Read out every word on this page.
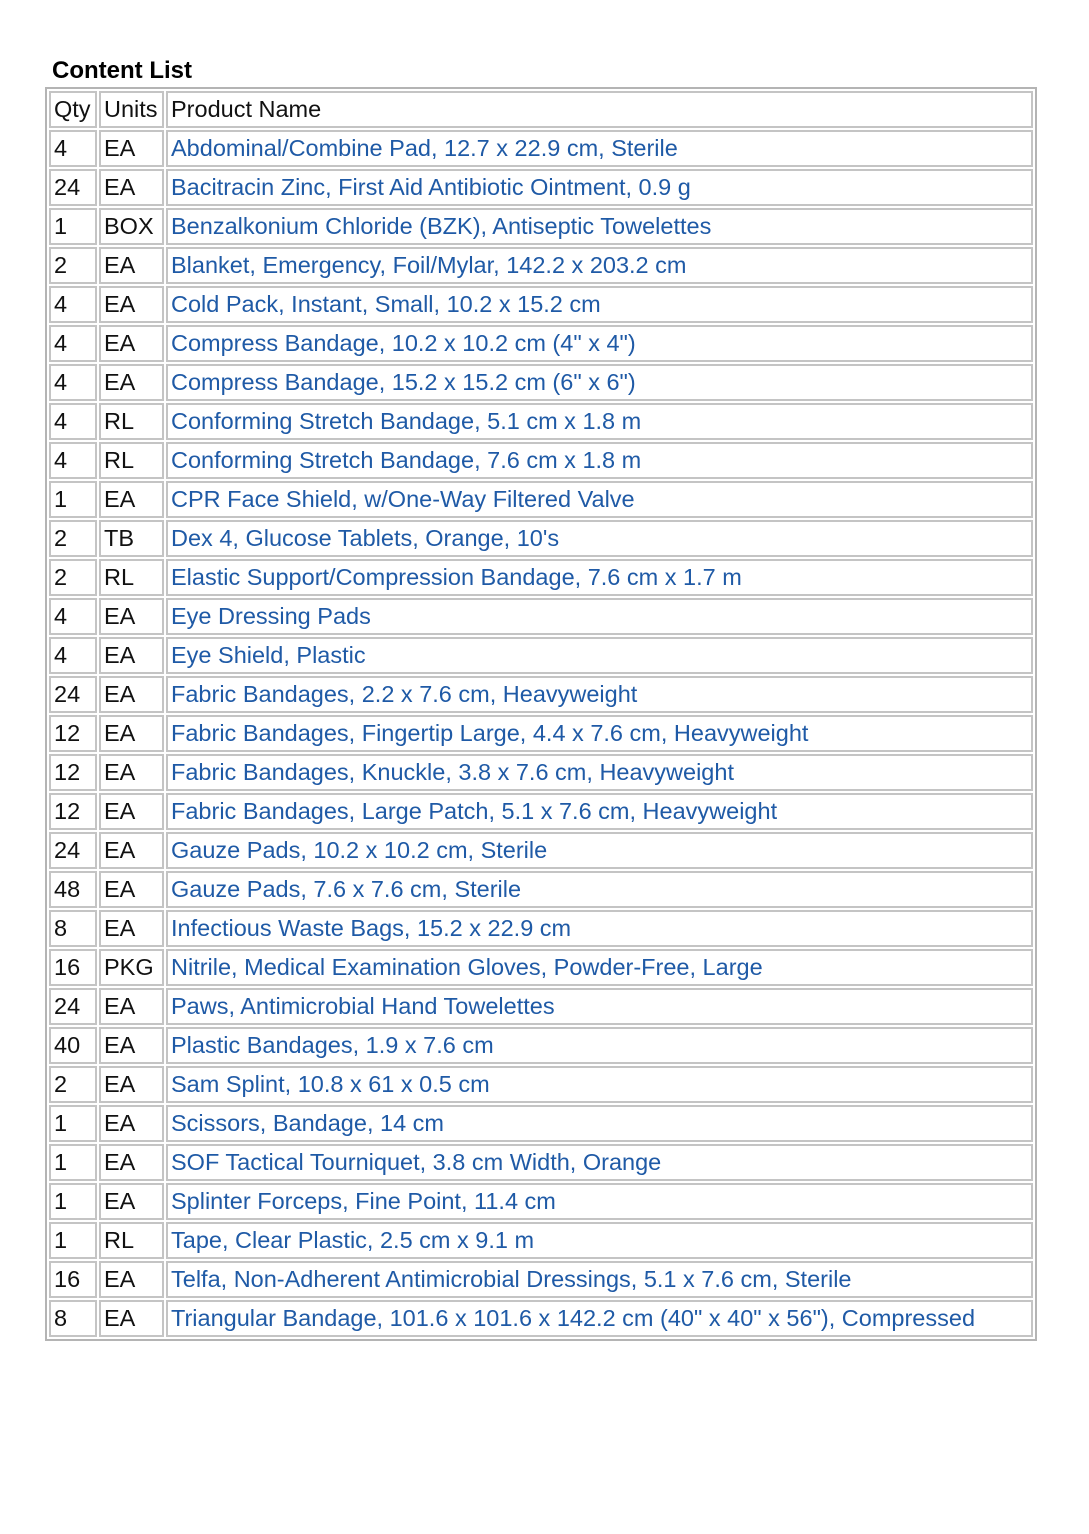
Content List
Qty	Units	Product Name
4	EA	Abdominal/Combine Pad, 12.7 x 22.9 cm, Sterile
24	EA	Bacitracin Zinc, First Aid Antibiotic Ointment, 0.9 g
1	BOX	Benzalkonium Chloride (BZK), Antiseptic Towelettes
2	EA	Blanket, Emergency, Foil/Mylar, 142.2 x 203.2 cm
4	EA	Cold Pack, Instant, Small, 10.2 x 15.2 cm
4	EA	Compress Bandage, 10.2 x 10.2 cm (4" x 4")
4	EA	Compress Bandage, 15.2 x 15.2 cm (6" x 6")
4	RL	Conforming Stretch Bandage, 5.1 cm x 1.8 m
4	RL	Conforming Stretch Bandage, 7.6 cm x 1.8 m
1	EA	CPR Face Shield, w/One-Way Filtered Valve
2	TB	Dex 4, Glucose Tablets, Orange, 10's
2	RL	Elastic Support/Compression Bandage, 7.6 cm x 1.7 m
4	EA	Eye Dressing Pads
4	EA	Eye Shield, Plastic
24	EA	Fabric Bandages, 2.2 x 7.6 cm, Heavyweight
12	EA	Fabric Bandages, Fingertip Large, 4.4 x 7.6 cm, Heavyweight
12	EA	Fabric Bandages, Knuckle, 3.8 x 7.6 cm, Heavyweight
12	EA	Fabric Bandages, Large Patch, 5.1 x 7.6 cm, Heavyweight
24	EA	Gauze Pads, 10.2 x 10.2 cm, Sterile
48	EA	Gauze Pads, 7.6 x 7.6 cm, Sterile
8	EA	Infectious Waste Bags, 15.2 x 22.9 cm
16	PKG	Nitrile, Medical Examination Gloves, Powder-Free, Large
24	EA	Paws, Antimicrobial Hand Towelettes
40	EA	Plastic Bandages, 1.9 x 7.6 cm
2	EA	Sam Splint, 10.8 x 61 x 0.5 cm
1	EA	Scissors, Bandage, 14 cm
1	EA	SOF Tactical Tourniquet, 3.8 cm Width, Orange
1	EA	Splinter Forceps, Fine Point, 11.4 cm
1	RL	Tape, Clear Plastic, 2.5 cm x 9.1 m
16	EA	Telfa, Non-Adherent Antimicrobial Dressings, 5.1 x 7.6 cm, Sterile
8	EA	Triangular Bandage, 101.6 x 101.6 x 142.2 cm (40" x 40" x 56"), Compressed
